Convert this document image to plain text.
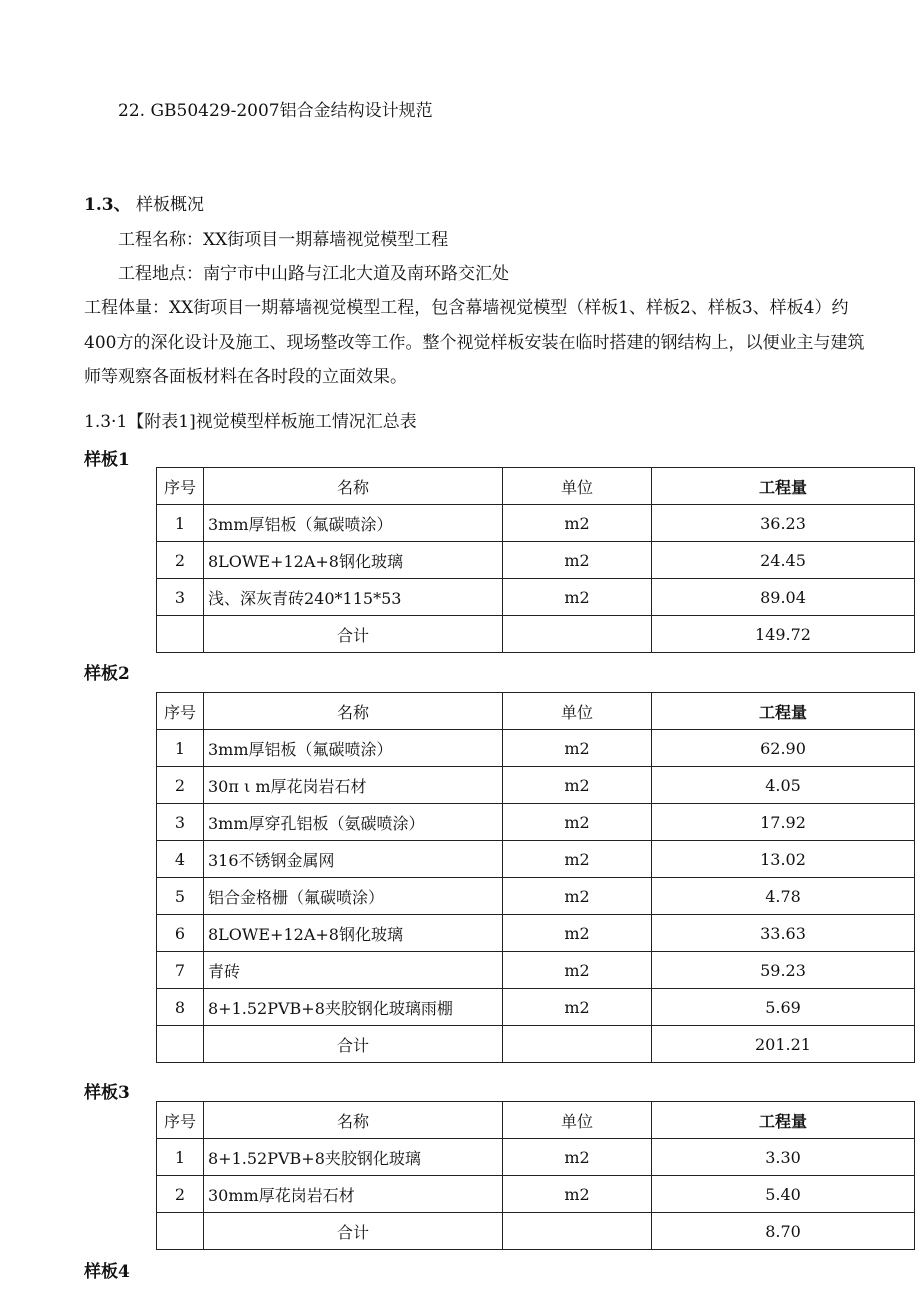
22. GB50429-2007铝合金结构设计规范
1.3、 样板概况
工程名称：XX街项目一期幕墙视觉模型工程
工程地点：南宁市中山路与江北大道及南环路交汇处
工程体量：XX街项目一期幕墙视觉模型工程，包含幕墙视觉模型（样板1、样板2、样板3、样板4）约
400方的深化设计及施工、现场整改等工作。整个视觉样板安装在临时搭建的钢结构上，以便业主与建筑
师等观察各面板材料在各时段的立面效果。
1.3·1【附表1]视觉模型样板施工情况汇总表
样板1
序号	名称	单位	工程量
1	3mm厚铝板（氟碳喷涂）	m2	36.23
2	8LOWE+12A+8钢化玻璃	m2	24.45
3	浅、深灰青砖240*115*53	m2	89.04
	合计		149.72
样板2
序号	名称	单位	工程量
1	3mm厚铝板（氟碳喷涂）	m2	62.90
2	30π ι m厚花岗岩石材	m2	4.05
3	3mm厚穿孔铝板（氨碳喷涂）	m2	17.92
4	316不锈钢金属网	m2	13.02
5	铝合金格栅（氟碳喷涂）	m2	4.78
6	8LOWE+12A+8钢化玻璃	m2	33.63
7	青砖	m2	59.23
8	8+1.52PVB+8夹胶钢化玻璃雨棚	m2	5.69
	合计		201.21
样板3
序号	名称	单位	工程量
1	8+1.52PVB+8夹胶钢化玻璃	m2	3.30
2	30mm厚花岗岩石材	m2	5.40
	合计		8.70
样板4
